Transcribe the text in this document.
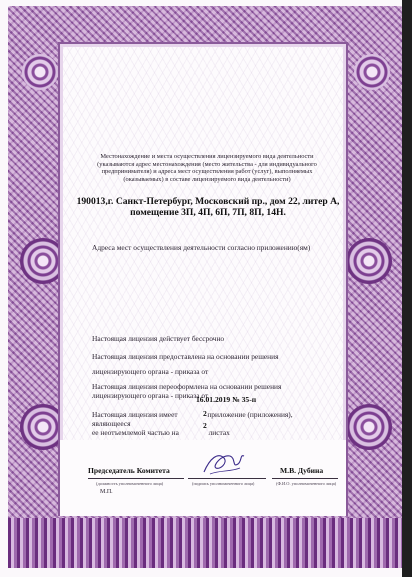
Местонахождение и места осуществления лицензируемого вида деятельности (указываются адрес местонахождения (место жительства - для индивидуального предпринимателя) и адреса мест осуществления работ (услуг), выполняемых (оказываемых) в составе лицензируемого вида деятельности)
190013,г. Санкт-Петербург, Московский пр., дом 22, литер А,
помещение 3П, 4П, 6П, 7П, 8П, 14Н.
Адреса мест осуществления деятельности согласно приложению(ям)
Настоящая лицензия действует бессрочно
Настоящая лицензия предоставлена на основании решения
лицензирующего органа - приказа от
Настоящая лицензия переоформлена на основании решения
лицензирующего органа - приказа от
16.01.2019 № 35-п
Настоящая лицензия имеет	приложение (приложения), являющееся
ее неотъемлемой частью на	листах
2
2
Председатель Комитета	М.В. Дубина
(должность уполномоченного лица)	(подпись уполномоченного лица)	(Ф.И.О. уполномоченного лица)
М.П.
